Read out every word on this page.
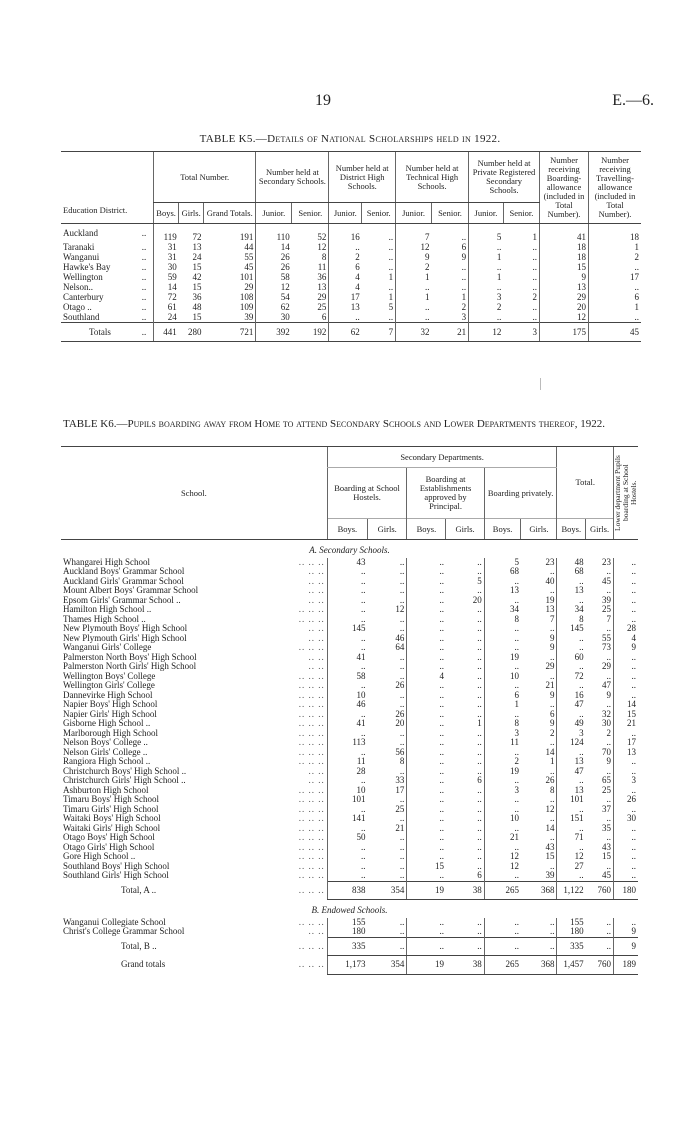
19	E.—6.
TABLE K5.—Details of National Scholarships held in 1922.
Education District.		Total Number.			Number held at Secondary Schools.		Number held at District High Schools.		Number held at Technical High Schools.		Number held at Private Registered Secondary Schools.		Number receiving Boarding-allowance (included in Total Number).	Number receiving Travelling-allowance (included in Total Number).
		Boys.	Girls.	Grand Totals.	Junior.	Senior.	Junior.	Senior.	Junior.	Senior.	Junior.	Senior.		
Auckland	..	119	72	191	110	52	16	..	7	..	5	1	41	18
Taranaki	..	31	13	44	14	12	..	..	12	6	..	..	18	1
Wanganui	..	31	24	55	26	8	2	..	9	9	1	..	18	2
Hawke's Bay	..	30	15	45	26	11	6	..	2	..	..	..	15	..
Wellington	..	59	42	101	58	36	4	1	1	..	1	..	9	17
Nelson..	..	14	15	29	12	13	4	..	..	..	..	..	13	..
Canterbury	..	72	36	108	54	29	17	1	1	1	3	2	29	6
Otago ..	..	61	48	109	62	25	13	5	..	2	2	..	20	1
Southland	..	24	15	39	30	6	..	..	..	3	..	..	12	..
Totals	..	441	280	721	392	192	62	7	32	21	12	3	175	45
TABLE K6.—Pupils boarding away from Home to attend Secondary Schools and Lower Departments thereof, 1922.
School.		Secondary Departments.						Total.		Lower department Pupils boarding at School Hostels.

		Boarding at School Hostels.		Boarding at Establishments approved by Principal.		Boarding privately.				
		Boys.	Girls.	Boys.	Girls.	Boys.	Girls.	Boys.	Girls.	
A. Secondary Schools.										
Whangarei High School	.. .. ..	43	..	..	..	5	23	48	23	..
Auckland Boys' Grammar School	.. ..	..	..	..	..	68	..	68	..	..
Auckland Girls' Grammar School	.. ..	..	..	..	5	..	40	..	45	..
Mount Albert Boys' Grammar School	.. ..	..	..	..	..	13	..	13	..	..
Epsom Girls' Grammar School ..	.. ..	..	..	..	20	..	19	..	39	..
Hamilton High School ..	.. .. ..	..	12	..	..	34	13	34	25	..
Thames High School ..	.. .. ..	..	..	..	..	8	7	8	7	..
New Plymouth Boys' High School	.. ..	145	..	..	..	..	..	145	..	28
New Plymouth Girls' High School	.. ..	..	46	..	..	..	9	..	55	4
Wanganui Girls' College	.. .. ..	..	64	..	..	..	9	..	73	9
Palmerston North Boys' High School	.. ..	41	..	..	..	19	..	60	..	..
Palmerston North Girls' High School	.. ..	..	..	..	..	..	29	..	29	..
Wellington Boys' College	.. .. ..	58	..	4	..	10	..	72	..	..
Wellington Girls' College	.. .. ..	..	26	..	..	..	21	..	47	..
Dannevirke High School	.. .. ..	10	..	..	..	6	9	16	9	..
Napier Boys' High School	.. .. ..	46	..	..	..	1	..	47	..	14
Napier Girls' High School	.. .. ..	..	26	..	..	..	6	..	32	15
Gisborne High School ..	.. .. ..	41	20	..	1	8	9	49	30	21
Marlborough High School	.. .. ..	..	..	..	..	3	2	3	2	..
Nelson Boys' College ..	.. .. ..	113	..	..	..	11	..	124	..	17
Nelson Girls' College ..	.. .. ..	..	56	..	..	..	14	..	70	13
Rangiora High School ..	.. .. ..	11	8	..	..	2	1	13	9	..
Christchurch Boys' High School ..	.. ..	28	..	..	..	19	..	47	..	..
Christchurch Girls' High School ..	.. ..	..	33	..	6	..	26	..	65	3
Ashburton High School	.. .. ..	10	17	..	..	3	8	13	25	..
Timaru Boys' High School	.. .. ..	101	..	..	..	..	..	101	..	26
Timaru Girls' High School	.. .. ..	..	25	..	..	..	12	..	37	..
Waitaki Boys' High School	.. .. ..	141	..	..	..	10	..	151	..	30
Waitaki Girls' High School	.. .. ..	..	21	..	..	..	14	..	35	..
Otago Boys' High School	.. .. ..	50	..	..	..	21	..	71	..	..
Otago Girls' High School	.. .. ..	..	..	..	..	..	43	..	43	..
Gore High School ..	.. .. ..	..	..	..	..	12	15	12	15	..
Southland Boys' High School	.. .. ..	..	..	15	..	12	..	27	..	..
Southland Girls' High School	.. .. ..	..	..	..	6	..	39	..	45	..
Total, A ..	.. .. ..	838	354	19	38	265	368	1,122	760	180
B. Endowed Schools.										
Wanganui Collegiate School	.. .. ..	155	..	..	..	..	..	155	..	..
Christ's College Grammar School	.. ..	180	..	..	..	..	..	180	..	9
Total, B ..	.. .. ..	335	..	..	..	..	..	335	..	9
Grand totals	.. .. ..	1,173	354	19	38	265	368	1,457	760	189
